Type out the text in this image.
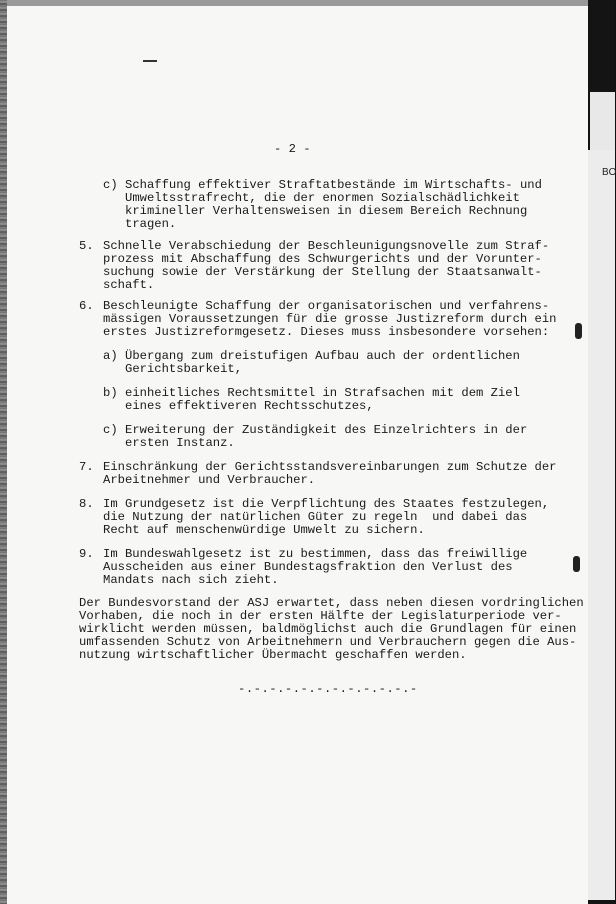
- 2 -

c)

Schaffung effektiver Straftatbestände im Wirtschafts- und

Umweltsstrafrecht, die der enormen Sozialschädlichkeit

krimineller Verhaltensweisen in diesem Bereich Rechnung

tragen.

5.

Schnelle Verabschiedung der Beschleunigungsnovelle zum Straf-

prozess mit Abschaffung des Schwurgerichts und der Vorunter-

suchung sowie der Verstärkung der Stellung der Staatsanwalt-

schaft.

6.

Beschleunigte Schaffung der organisatorischen und verfahrens-

mässigen Voraussetzungen für die grosse Justizreform durch ein

erstes Justizreformgesetz. Dieses muss insbesondere vorsehen:

a)

Übergang zum dreistufigen Aufbau auch der ordentlichen

Gerichtsbarkeit,

b)

einheitliches Rechtsmittel in Strafsachen mit dem Ziel

eines effektiveren Rechtsschutzes,

c)

Erweiterung der Zuständigkeit des Einzelrichters in der

ersten Instanz.

7.

Einschränkung der Gerichtsstandsvereinbarungen zum Schutze der

Arbeitnehmer und Verbraucher.

8.

Im Grundgesetz ist die Verpflichtung des Staates festzulegen,

die Nutzung der natürlichen Güter zu regeln  und dabei das

Recht auf menschenwürdige Umwelt zu sichern.

9.

Im Bundeswahlgesetz ist zu bestimmen, dass das freiwillige

Ausscheiden aus einer Bundestagsfraktion den Verlust des

Mandats nach sich zieht.

Der Bundesvorstand der ASJ erwartet, dass neben diesen vordringlichen

Vorhaben, die noch in der ersten Hälfte der Legislaturperiode ver-

wirklicht werden müssen, baldmöglichst auch die Grundlagen für einen

umfassenden Schutz von Arbeitnehmern und Verbrauchern gegen die Aus-

nutzung wirtschaftlicher Übermacht geschaffen werden.

-.-.-.-.-.-.-.-.-.-.-.-

BO
